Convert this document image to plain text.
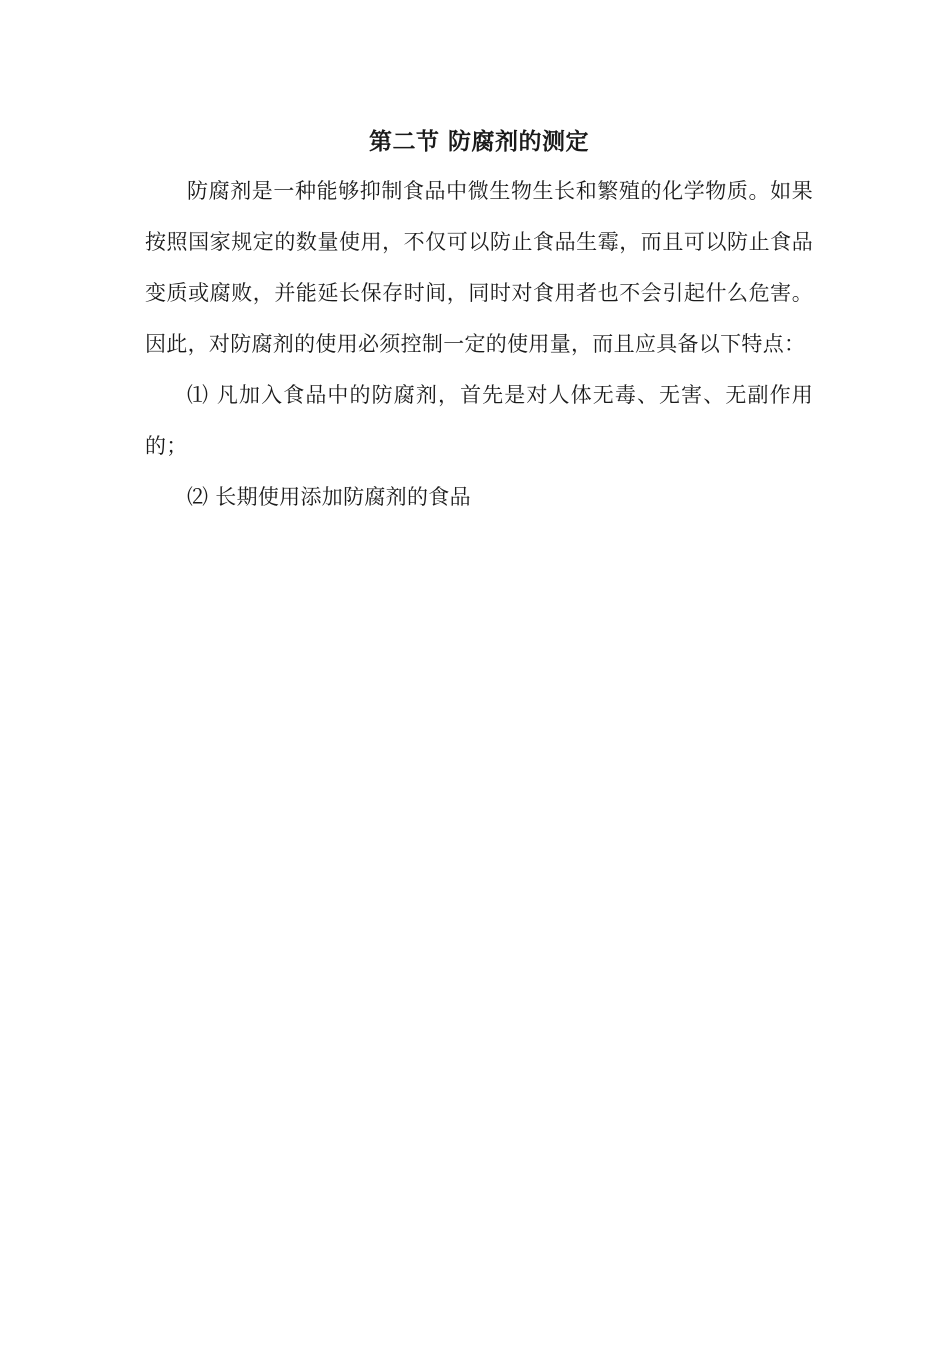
第二节 防腐剂的测定

防腐剂是一种能够抑制食品中微生物生长和繁殖的化学物质。如果按照国家规定的数量使用，不仅可以防止食品生霉，而且可以防止食品变质或腐败，并能延长保存时间，同时对食用者也不会引起什么危害。因此，对防腐剂的使用必须控制一定的使用量，而且应具备以下特点：

⑴ 凡加入食品中的防腐剂，首先是对人体无毒、无害、无副作用的；

⑵ 长期使用添加防腐剂的食品
